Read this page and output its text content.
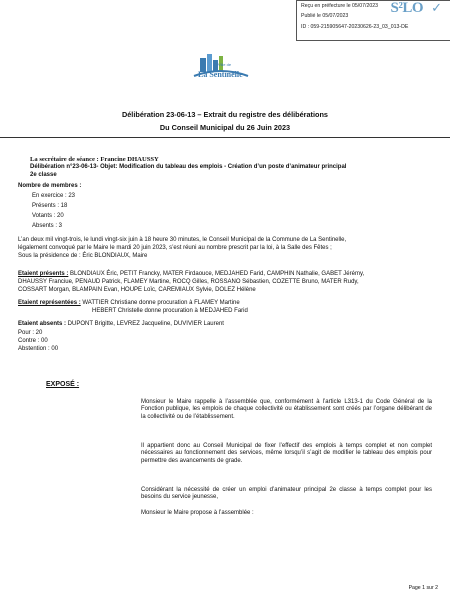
Reçu en préfecture le 05/07/2023
Publié le 05/07/2023
ID : 059-215905647-20230626-23_03_013-DE
S²LO ✓
Ville de
La Sentinelle
Délibération 23-06-13 – Extrait du registre des délibérations
Du Conseil Municipal du 26 Juin 2023
La secrétaire de séance : Francine DHAUSSY
Délibération n°23-06-13- Objet: Modification du tableau des emplois - Création d’un poste d’animateur principal
2e classe
Nombre de membres :
En exercice : 23
Présents : 18
Votants : 20
Absents : 3
L’an deux mil vingt-trois, le lundi vingt-six juin à 18 heure 30 minutes, le Conseil Municipal de la Commune de La Sentinelle,
légalement convoqué par le Maire le mardi 20 juin 2023, s’est réuni au nombre prescrit par la loi, à la Salle des Fêtes ;
Sous la présidence de : Éric BLONDIAUX, Maire
Etaient présents : BLONDIAUX Éric, PETIT Francky, MATER Firdaouce, MEDJAHED Farid, CAMPHIN Nathalie, GABET Jérémy,
DHAUSSY Franciue, PENAUD Patrick, FLAMEY Martine, ROCQ Gilles, ROSSANO Sébastien, COZETTE Bruno, MATER Rudy,
COSSART Morgan, BLAMPAIN Evan, HOUPE Loïc, CAREMIAUX Sylvie, DOLEZ Hélène
Etaient représentées : WATTIER Christiane donne procuration à FLAMEY Martine
HEBERT Christelle donne procuration à MEDJAHED Farid
Etaient absents : DUPONT Brigitte, LEVREZ Jacqueline, DUVIVIER Laurent
Pour : 20
Contre : 00
Abstention : 00
EXPOSÉ :
Monsieur le Maire rappelle à l’assemblée que, conformément à l’article L313-1 du Code Général de la Fonction publique, les emplois de chaque collectivité ou établissement sont créés par l’organe délibérant de la collectivité ou de l’établissement.
Il appartient donc au Conseil Municipal de fixer l’effectif des emplois à temps complet et non complet nécessaires au fonctionnement des services, même lorsqu’il s’agit de modifier le tableau des emplois pour permettre des avancements de grade.
Considérant la nécessité de créer un emploi d’animateur principal 2e classe à temps complet pour les besoins du service jeunesse,
Monsieur le Maire propose à l’assemblée :
Page 1 sur 2
